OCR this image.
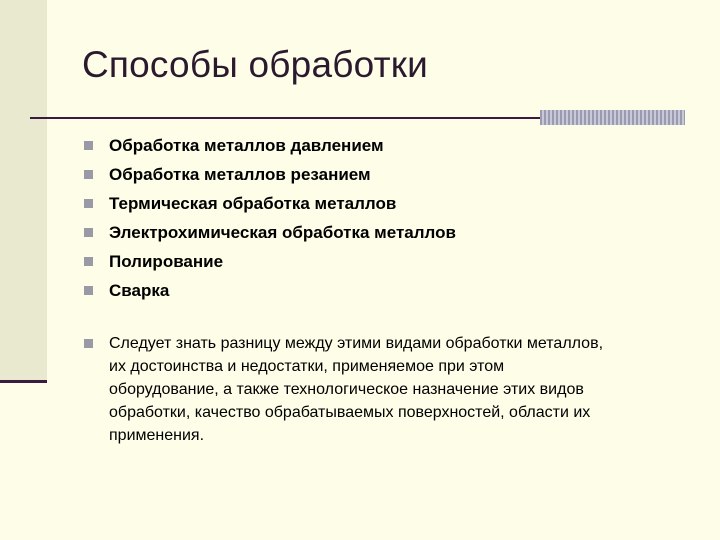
Способы обработки
Обработка металлов давлением
Обработка металлов резанием
Термическая обработка металлов
Электрохимическая обработка металлов
Полирование
Сварка
Следует знать разницу между этими видами обработки металлов,
их достоинства и недостатки, применяемое при этом
оборудование, а также технологическое назначение этих видов
обработки, качество обрабатываемых поверхностей, области их
применения.
